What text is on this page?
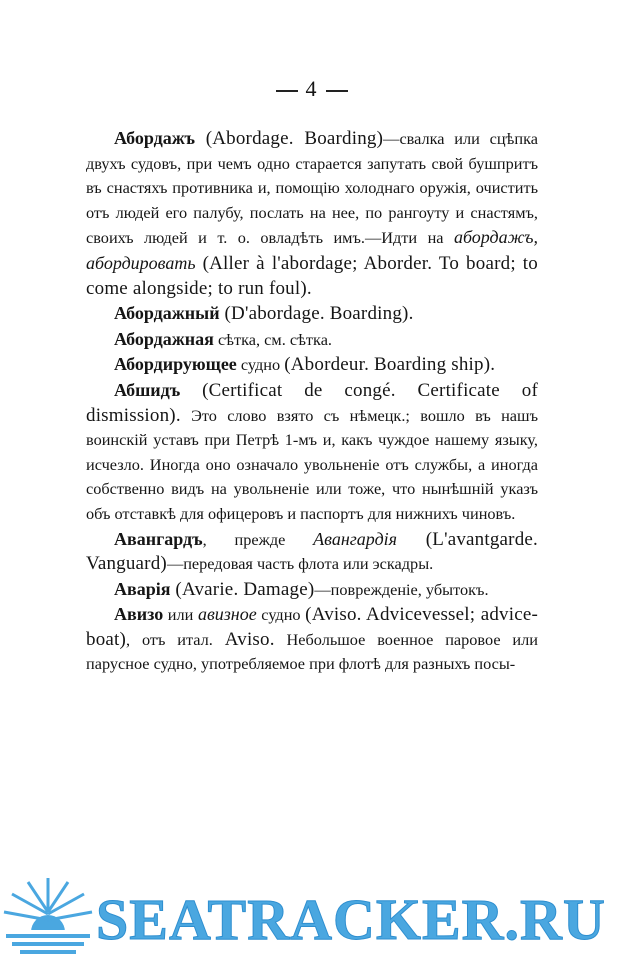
4

Абордажъ (Abordage. Boarding)—свалка или сцѣпка двухъ судовъ, при чемъ одно старается запутать свой бушпритъ въ снастяхъ противника и, помощію холоднаго оружія, очистить отъ людей его палубу, послать на нее, по рангоуту и снастямъ, своихъ людей и т. о. овладѣть имъ.—Идти на абордажъ, абордировать (Aller à l'abordage; Aborder. To board; to come alongside; to run foul).

Абордажный (D'abordage. Boarding).

Абордажная сѣтка, см. сѣтка.

Абордирующее судно (Abordeur. Boarding ship).

Абшидъ (Certificat de congé. Certificate of dismission). Это слово взято съ нѣмецк.; вошло въ нашъ воинскій уставъ при Петрѣ 1-мъ и, какъ чуждое нашему языку, исчезло. Иногда оно означало увольненіе отъ службы, а иногда собственно видъ на увольненіе или тоже, что нынѣшній указъ объ отставкѣ для офицеровъ и паспортъ для нижнихъ чиновъ.

Авангардъ, прежде Авангардія (L'avantgarde. Vanguard)—передовая часть флота или эскадры.

Аварія (Avarie. Damage)—поврежденіе, убытокъ.

Авизо или авизное судно (Aviso. Advicevessel; advice-boat), отъ итал. Aviso. Небольшое военное паровое или парусное судно, употребляемое при флотѣ для разныхъ посы-

SEATRACKER.RU
